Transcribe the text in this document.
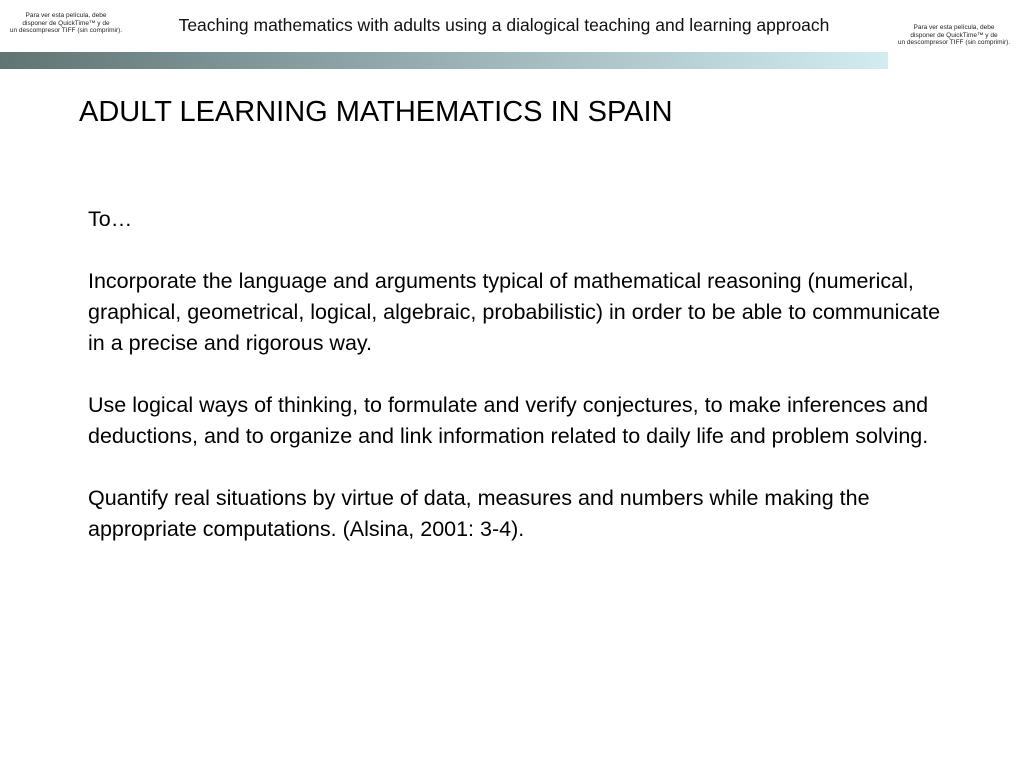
Para ver esta película, debe
disponer de QuickTime™ y de
un descompresor TIFF (sin comprimir).	Teaching mathematics with adults using a dialogical teaching and learning approach	Para ver esta película, debe
disponer de QuickTime™ y de
un descompresor TIFF (sin comprimir).
ADULT LEARNING MATHEMATICS IN SPAIN

To…

Incorporate the language and arguments typical of mathematical reasoning (numerical, graphical, geometrical, logical, algebraic, probabilistic) in order to be able to communicate in a precise and rigorous way.

Use logical ways of thinking, to formulate and verify conjectures, to make inferences and deductions, and to organize and link information related to daily life and problem solving.

Quantify real situations by virtue of data, measures and numbers while making the appropriate computations. (Alsina, 2001: 3-4).
